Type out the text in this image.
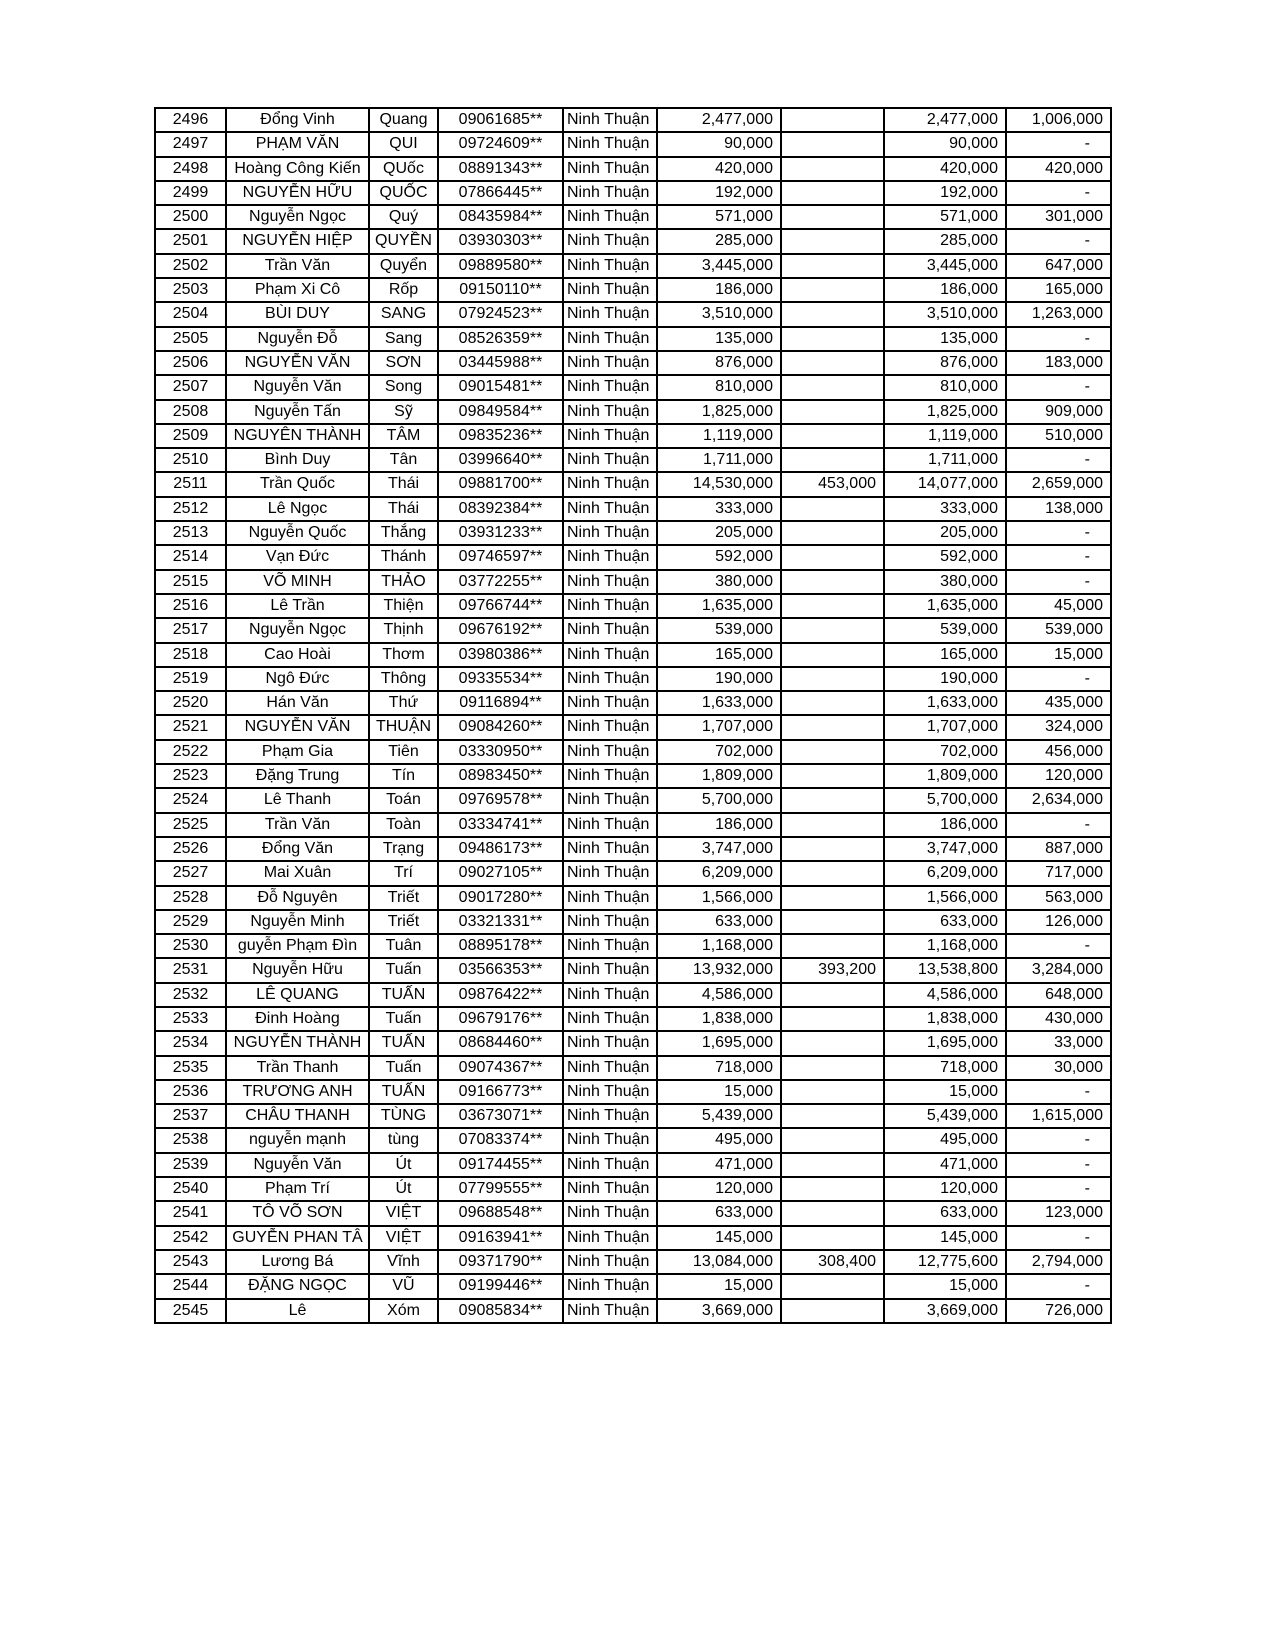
2496	Đổng Vinh	Quang	09061685**	Ninh Thuận	2,477,000		2,477,000	1,006,000
2497	PHẠM VĂN	QUI	09724609**	Ninh Thuận	90,000		90,000	-
2498	Hoàng Công Kiến	QUốc	08891343**	Ninh Thuận	420,000		420,000	420,000
2499	NGUYỄN HỮU	QUỐC	07866445**	Ninh Thuận	192,000		192,000	-
2500	Nguyễn Ngọc	Quý	08435984**	Ninh Thuận	571,000		571,000	301,000
2501	NGUYỄN HIỆP	QUYỀN	03930303**	Ninh Thuận	285,000		285,000	-
2502	Trần Văn	Quyển	09889580**	Ninh Thuận	3,445,000		3,445,000	647,000
2503	Phạm Xi Cô	Rốp	09150110**	Ninh Thuận	186,000		186,000	165,000
2504	BÙI DUY	SANG	07924523**	Ninh Thuận	3,510,000		3,510,000	1,263,000
2505	Nguyễn Đỗ	Sang	08526359**	Ninh Thuận	135,000		135,000	-
2506	NGUYỄN VĂN	SƠN	03445988**	Ninh Thuận	876,000		876,000	183,000
2507	Nguyễn Văn	Song	09015481**	Ninh Thuận	810,000		810,000	-
2508	Nguyễn Tấn	Sỹ	09849584**	Ninh Thuận	1,825,000		1,825,000	909,000
2509	NGUYÊN THÀNH	TÂM	09835236**	Ninh Thuận	1,119,000		1,119,000	510,000
2510	Bình Duy	Tân	03996640**	Ninh Thuận	1,711,000		1,711,000	-
2511	Trần Quốc	Thái	09881700**	Ninh Thuận	14,530,000	453,000	14,077,000	2,659,000
2512	Lê Ngọc	Thái	08392384**	Ninh Thuận	333,000		333,000	138,000
2513	Nguyễn Quốc	Thắng	03931233**	Ninh Thuận	205,000		205,000	-
2514	Vạn Đức	Thánh	09746597**	Ninh Thuận	592,000		592,000	-
2515	VÕ MINH	THẢO	03772255**	Ninh Thuận	380,000		380,000	-
2516	Lê Trần	Thiện	09766744**	Ninh Thuận	1,635,000		1,635,000	45,000
2517	Nguyễn Ngọc	Thịnh	09676192**	Ninh Thuận	539,000		539,000	539,000
2518	Cao Hoài	Thơm	03980386**	Ninh Thuận	165,000		165,000	15,000
2519	Ngô Đức	Thông	09335534**	Ninh Thuận	190,000		190,000	-
2520	Hán Văn	Thứ	09116894**	Ninh Thuận	1,633,000		1,633,000	435,000
2521	NGUYỄN VĂN	THUẬN	09084260**	Ninh Thuận	1,707,000		1,707,000	324,000
2522	Phạm Gia	Tiên	03330950**	Ninh Thuận	702,000		702,000	456,000
2523	Đặng Trung	Tín	08983450**	Ninh Thuận	1,809,000		1,809,000	120,000
2524	Lê Thanh	Toán	09769578**	Ninh Thuận	5,700,000		5,700,000	2,634,000
2525	Trần Văn	Toàn	03334741**	Ninh Thuận	186,000		186,000	-
2526	Đổng Văn	Trạng	09486173**	Ninh Thuận	3,747,000		3,747,000	887,000
2527	Mai Xuân	Trí	09027105**	Ninh Thuận	6,209,000		6,209,000	717,000
2528	Đỗ Nguyên	Triết	09017280**	Ninh Thuận	1,566,000		1,566,000	563,000
2529	Nguyễn Minh	Triết	03321331**	Ninh Thuận	633,000		633,000	126,000
2530	guyễn Phạm Đìn	Tuân	08895178**	Ninh Thuận	1,168,000		1,168,000	-
2531	Nguyễn Hữu	Tuấn	03566353**	Ninh Thuận	13,932,000	393,200	13,538,800	3,284,000
2532	LÊ QUANG	TUẤN	09876422**	Ninh Thuận	4,586,000		4,586,000	648,000
2533	Đinh Hoàng	Tuấn	09679176**	Ninh Thuận	1,838,000		1,838,000	430,000
2534	NGUYỄN THÀNH	TUẤN	08684460**	Ninh Thuận	1,695,000		1,695,000	33,000
2535	Trần Thanh	Tuấn	09074367**	Ninh Thuận	718,000		718,000	30,000
2536	TRƯƠNG ANH	TUẤN	09166773**	Ninh Thuận	15,000		15,000	-
2537	CHÂU THANH	TÙNG	03673071**	Ninh Thuận	5,439,000		5,439,000	1,615,000
2538	nguyễn mạnh	tùng	07083374**	Ninh Thuận	495,000		495,000	-
2539	Nguyễn Văn	Út	09174455**	Ninh Thuận	471,000		471,000	-
2540	Phạm Trí	Út	07799555**	Ninh Thuận	120,000		120,000	-
2541	TÔ VÕ SƠN	VIỆT	09688548**	Ninh Thuận	633,000		633,000	123,000
2542	GUYỄN PHAN TÂ	VIỆT	09163941**	Ninh Thuận	145,000		145,000	-
2543	Lương Bá	Vĩnh	09371790**	Ninh Thuận	13,084,000	308,400	12,775,600	2,794,000
2544	ĐẶNG NGỌC	VŨ	09199446**	Ninh Thuận	15,000		15,000	-
2545	Lê	Xóm	09085834**	Ninh Thuận	3,669,000		3,669,000	726,000
